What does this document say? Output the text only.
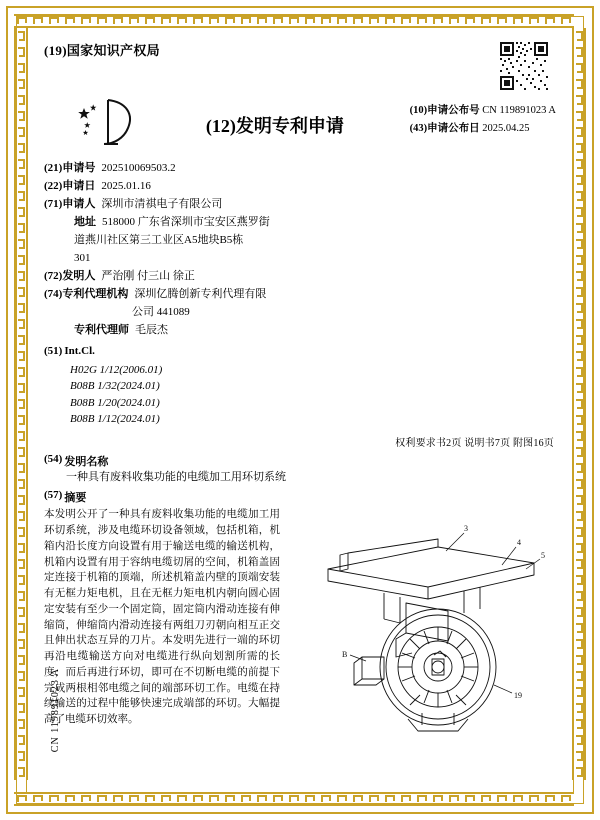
(19)国家知识产权局
(12)发明专利申请
(10)申请公布号 CN 119891023 A
(43)申请公布日 2025.04.25
(21) 申请号 202510069503.2
(22) 申请日 2025.01.16
(71) 申请人 深圳市清祺电子有限公司
地址 518000 广东省深圳市宝安区燕罗街
道燕川社区第三工业区A5地块B5栋
301
(72) 发明人 严治刚 付三山 徐正
(74) 专利代理机构 深圳亿腾创新专利代理有限
公司 441089
专利代理师 毛辰杰
(51) Int.Cl.
H02G 1/12(2006.01)
B08B 1/32(2024.01)
B08B 1/20(2024.01)
B08B 1/12(2024.01)
权利要求书2页 说明书7页 附图16页
(54) 发明名称
一种具有废料收集功能的电缆加工用环切系统
(57) 摘要
本发明公开了一种具有废料收集功能的电缆加工用环切系统，涉及电缆环切设备领域，包括机箱，机箱内沿长度方向设置有用于输送电缆的输送机构，机箱内设置有用于容纳电缆切屑的空间，机箱盖固定连接于机箱的顶端，所述机箱盖内壁的顶端安装有无框力矩电机，且在无框力矩电机内朝向圆心固定安装有至少一个固定筒，固定筒内滑动连接有伸缩筒，伸缩筒内滑动连接有两组刀刃朝向相互正交且伸出状态互异的刀片。本发明先进行一端的环切再沿电缆输送方向对电缆进行纵向划割所需的长度，而后再进行环切，即可在不切断电缆的前提下完成两根相邻电缆之间的端部环切工作。电缆在持续输送的过程中能够快速完成端部的环切。大幅提高了电缆环切效率。
3
4
5
B
19
CN 119891023 A
